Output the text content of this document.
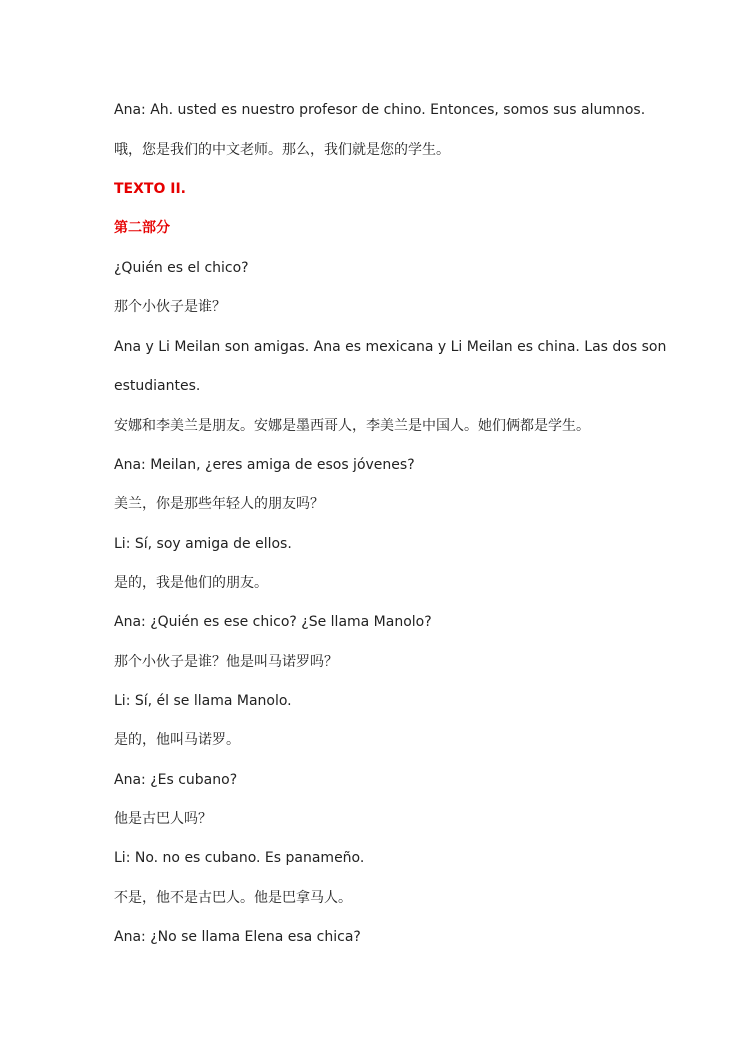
Ana: Ah. usted es nuestro profesor de chino. Entonces, somos sus alumnos.
哦，您是我们的中文老师。那么，我们就是您的学生。
TEXTO II.
第二部分
¿Quién es el chico?
那个小伙子是谁？
Ana y Li Meilan son amigas. Ana es mexicana y Li Meilan es china. Las dos son
estudiantes.
安娜和李美兰是朋友。安娜是墨西哥人，李美兰是中国人。她们俩都是学生。
Ana: Meilan, ¿eres amiga de esos jóvenes?
美兰，你是那些年轻人的朋友吗？
Li: Sí, soy amiga de ellos.
是的，我是他们的朋友。
Ana: ¿Quién es ese chico? ¿Se llama Manolo?
那个小伙子是谁？他是叫马诺罗吗？
Li: Sí, él se llama Manolo.
是的，他叫马诺罗。
Ana: ¿Es cubano?
他是古巴人吗？
Li: No. no es cubano. Es panameño.
不是，他不是古巴人。他是巴拿马人。
Ana: ¿No se llama Elena esa chica?
